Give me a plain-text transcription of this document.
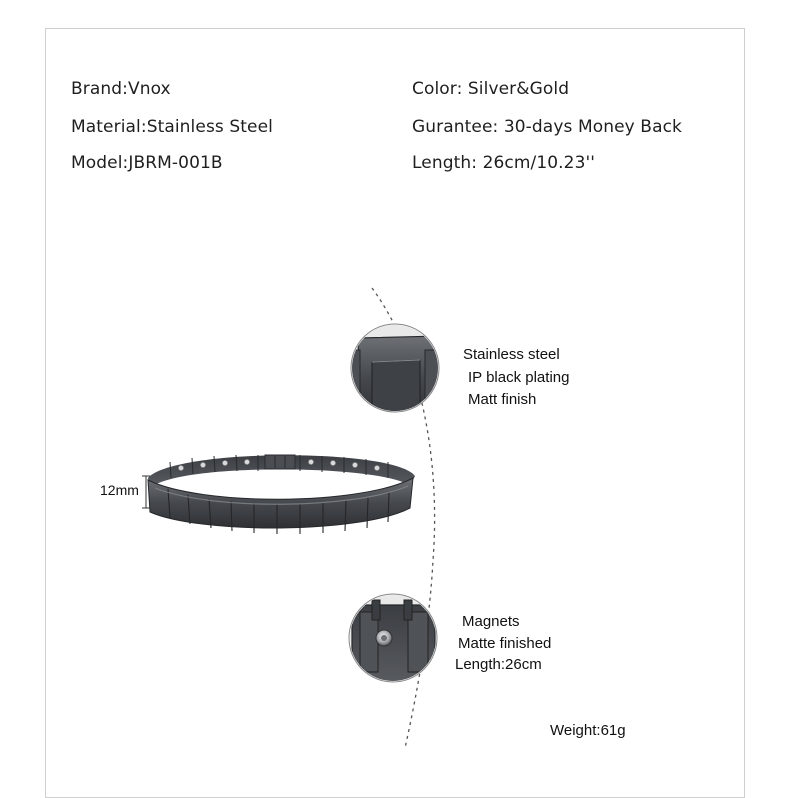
Brand:Vnox
Material:Stainless Steel
Model:JBRM-001B
Color: Silver&Gold
Gurantee: 30-days Money Back
Length: 26cm/10.23''
Stainless steel
IP black plating
Matt finish
Magnets
Matte finished
Length:26cm
12mm
Weight:61g
